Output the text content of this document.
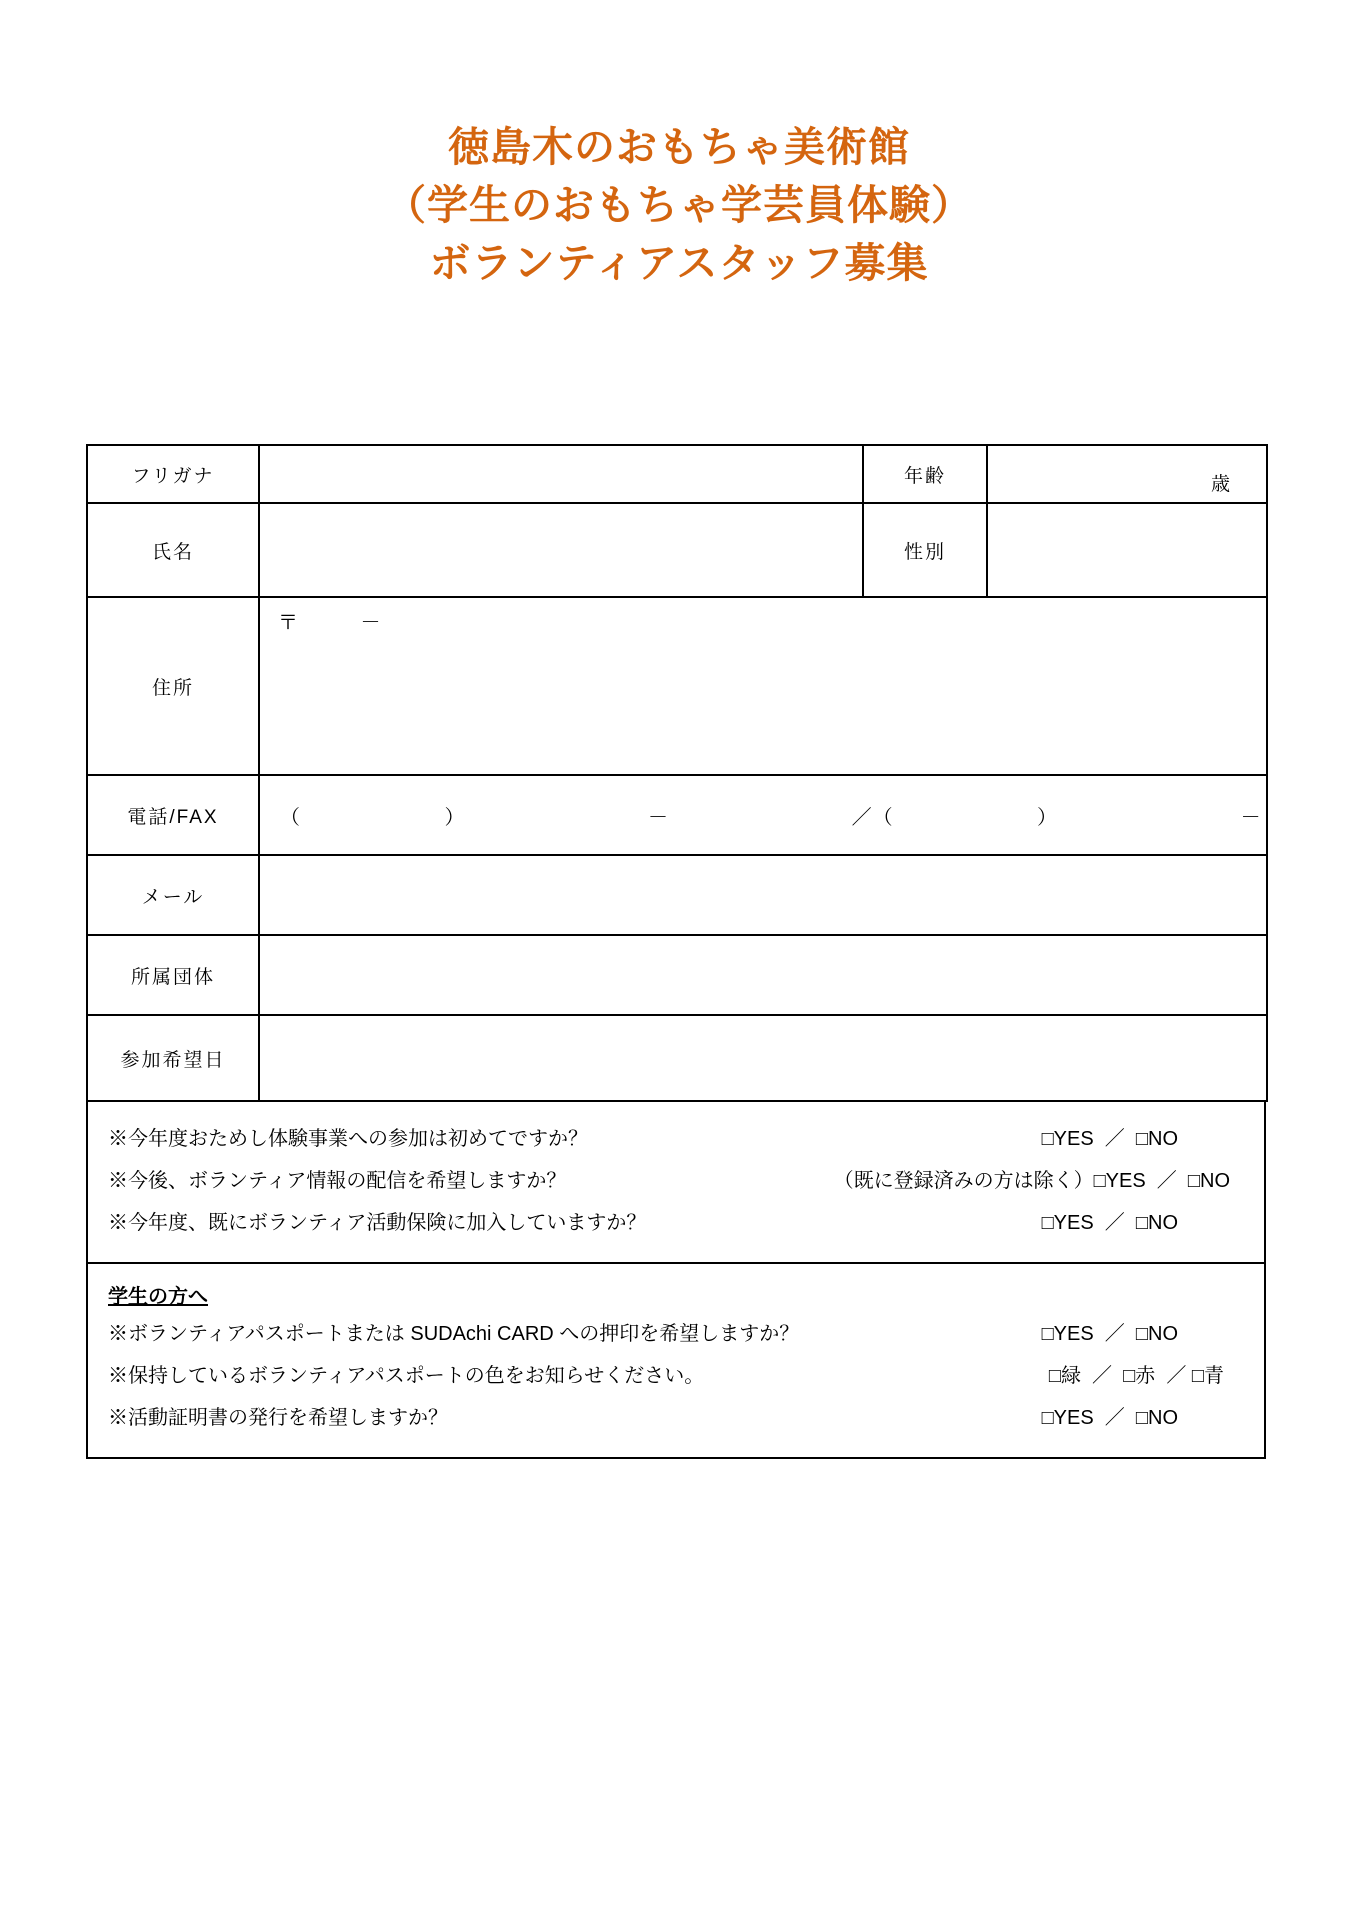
徳島木のおもちゃ美術館
（学生のおもちゃ学芸員体験）
ボランティアスタッフ募集
フリガナ		年齢	歳

氏名		性別	
住所	〒        －		

電話/FAX	（           ）              －              ／（           ）              －		

メール			
所属団体			
参加希望日			
※今年度おためし体験事業への参加は初めてですか？	□YES  ／  □NO
※今後、ボランティア情報の配信を希望しますか？	（既に登録済みの方は除く） □YES  ／  □NO
※今年度、既にボランティア活動保険に加入していますか？	□YES  ／  □NO
学生の方へ
※ボランティアパスポートまたは SUDAchi CARD への押印を希望しますか？	□YES  ／  □NO
※保持しているボランティアパスポートの色をお知らせください。	□緑  ／  □赤  ／ □青
※活動証明書の発行を希望しますか？	□YES  ／  □NO
